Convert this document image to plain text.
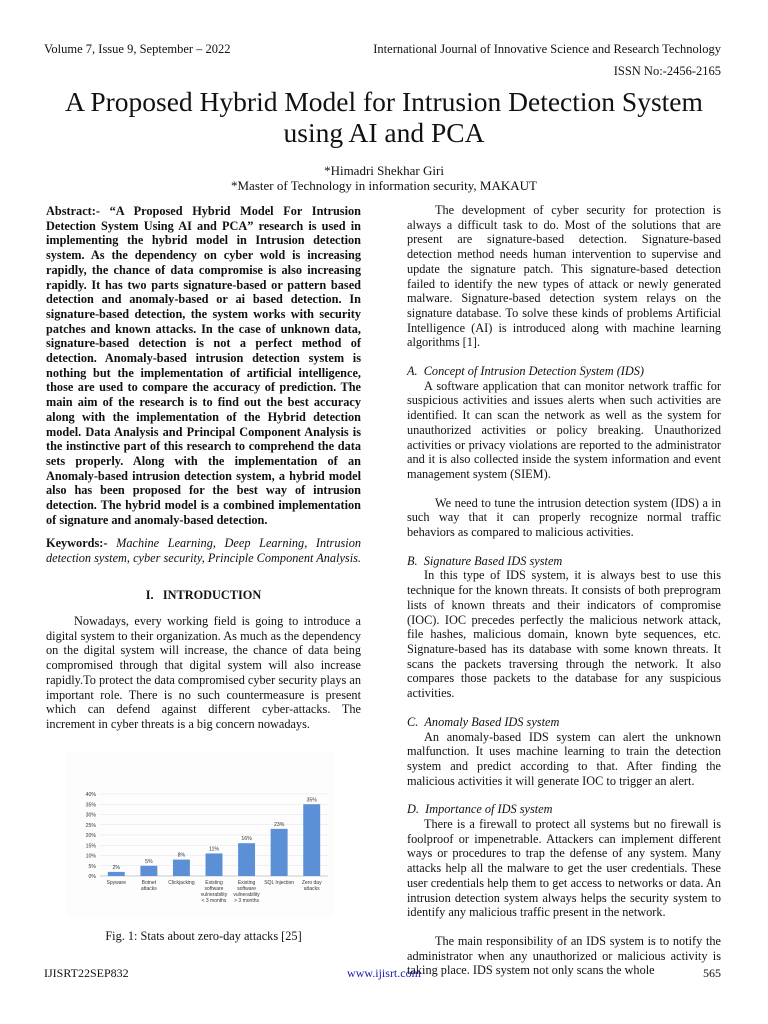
Volume 7, Issue 9, September – 2022	International Journal of Innovative Science and Research Technology
ISSN No:-2456-2165
A Proposed Hybrid Model for Intrusion Detection System using AI and PCA
*Himadri Shekhar Giri
*Master of Technology in information security, MAKAUT
Abstract:- “A Proposed Hybrid Model For Intrusion Detection System Using AI and PCA” research is used in implementing the hybrid model in Intrusion detection system. As the dependency on cyber wold is increasing rapidly, the chance of data compromise is also increasing rapidly. It has two parts signature-based or pattern based detection and anomaly-based or ai based detection. In signature-based detection, the system works with security patches and known attacks. In the case of unknown data, signature-based detection is not a perfect method of detection. Anomaly-based intrusion detection system is nothing but the implementation of artificial intelligence, those are used to compare the accuracy of prediction. The main aim of the research is to find out the best accuracy along with the implementation of the Hybrid detection model. Data Analysis and Principal Component Analysis is the instinctive part of this research to comprehend the data sets properly. Along with the implementation of an Anomaly-based intrusion detection system, a hybrid model also has been proposed for the best way of intrusion detection. The hybrid model is a combined implementation of signature and anomaly-based detection.
Keywords:- Machine Learning, Deep Learning, Intrusion detection system, cyber security, Principle Component Analysis.
I.   INTRODUCTION
Nowadays, every working field is going to introduce a digital system to their organization. As much as the dependency on the digital system will increase, the chance of data being compromised through that digital system will also increase rapidly.To protect the data compromised cyber security plays an important role. There is no such countermeasure is present which can defend against different cyber-attacks. The increment in cyber threats is a big concern nowadays.
0%
5%
10%
15%
20%
25%
30%
35%
40%
2%
5%
8%
11%
16%
23%
35%
Spyware	Botnet attacks
Clickjacking	Existing software vulnerability < 3 months
Existing software vulnerability > 3 months
SQL Injection Zero day attacks
Fig. 1: Stats about zero-day attacks [25]

The development of cyber security for protection is always a difficult task to do. Most of the solutions that are present are signature-based detection. Signature-based detection method needs human intervention to supervise and update the signature patch. This signature-based detection failed to identify the new types of attack or newly generated malware. Signature-based detection system relays on the signature database. To solve these kinds of problems Artificial Intelligence (AI) is introduced along with machine learning algorithms [1].

A.  Concept of Intrusion Detection System (IDS)

A software application that can monitor network traffic for suspicious activities and issues alerts when such activities are identified. It can scan the network as well as the system for unauthorized activities or policy breaking. Unauthorized activities or privacy violations are reported to the administrator and it is also collected inside the system information and event management system (SIEM).

We need to tune the intrusion detection system (IDS) a in such way that it can properly recognize normal traffic behaviors as compared to malicious activities.

B.  Signature Based IDS system

In this type of IDS system, it is always best to use this technique for the known threats. It consists of both preprogram lists of known threats and their indicators of compromise (IOC). IOC precedes perfectly the malicious network attack, file hashes, malicious domain, known byte sequences, etc. Signature-based has its database with some known threats. It scans the packets traversing through the network. It also compares those packets to the database for any suspicious activities.

C.  Anomaly Based IDS system

An anomaly-based IDS system can alert the unknown malfunction. It uses machine learning to train the detection system and predict according to that. After finding the malicious activities it will generate IOC to trigger an alert.

D.  Importance of IDS system

There is a firewall to protect all systems but no firewall is foolproof or impenetrable. Attackers can implement different ways or procedures to trap the defense of any system. Many attacks help all the malware to get the user credentials. These user credentials help them to get access to networks or data. An intrusion detection system always helps the security system to identify any malicious traffic present in the network.

The main responsibility of an IDS system is to notify the administrator when any unauthorized or malicious activity is taking place. IDS system not only scans the whole

IJISRT22SEP832	www.ijisrt.com	565
